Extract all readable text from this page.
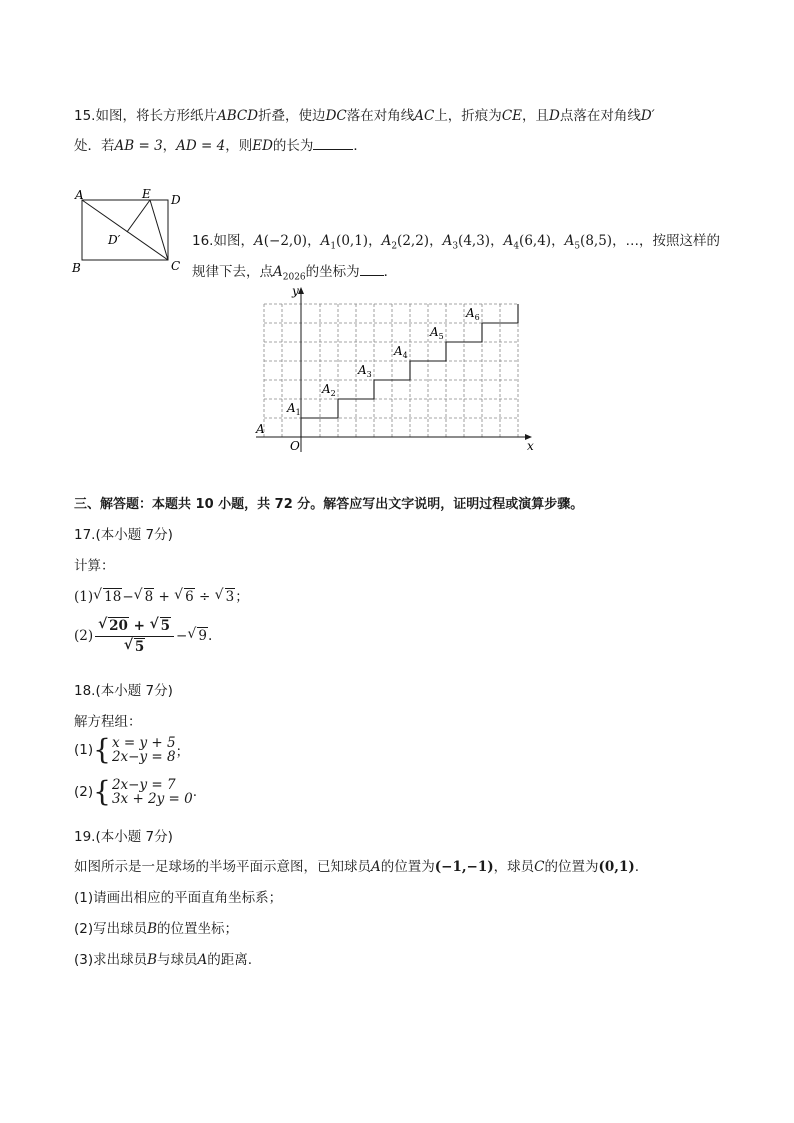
15.如图，将长方形纸片ABCD折叠，使边DC落在对角线AC上，折痕为CE，且D点落在对角线D′
处．若AB = 3，AD = 4，则ED的长为	．
A	E D
D′
B	C
16.如图，A(−2,0)，$A_1(0,1)$，$A_2(2,2)$，$A_3(4,3)$，$A_4(6,4)$，$A_5(8,5)$，…，按照这样的
规律下去，点$A_{2026}$的坐标为 ．
y
x
O
A
$A_1$
$A_2$
$A_3$
$A_4$
$A_5$
$A_6$
三、解答题：本题共 10 小题，共 72 分。解答应写出文字说明，证明过程或演算步骤。
17.(本小题 7分)
计算：
(1) √ 18− √ 8 + √ 6 ÷ √ 3；
$(2) \frac{√ 20 + √ 5}{√ 5}$ − √ 9.
18.(本小题 7分)
解方程组：
(1){x = y + 5
2x−y = 8；
(2){2x−y = 7
3x + 2y = 0.
19.(本小题 7分)
如图所示是一足球场的半场平面示意图，已知球员A的位置为(−1,−1)，球员C的位置为(0,1).
(1)请画出相应的平面直角坐标系；
(2)写出球员B的位置坐标；
(3)求出球员B与球员A的距离.
